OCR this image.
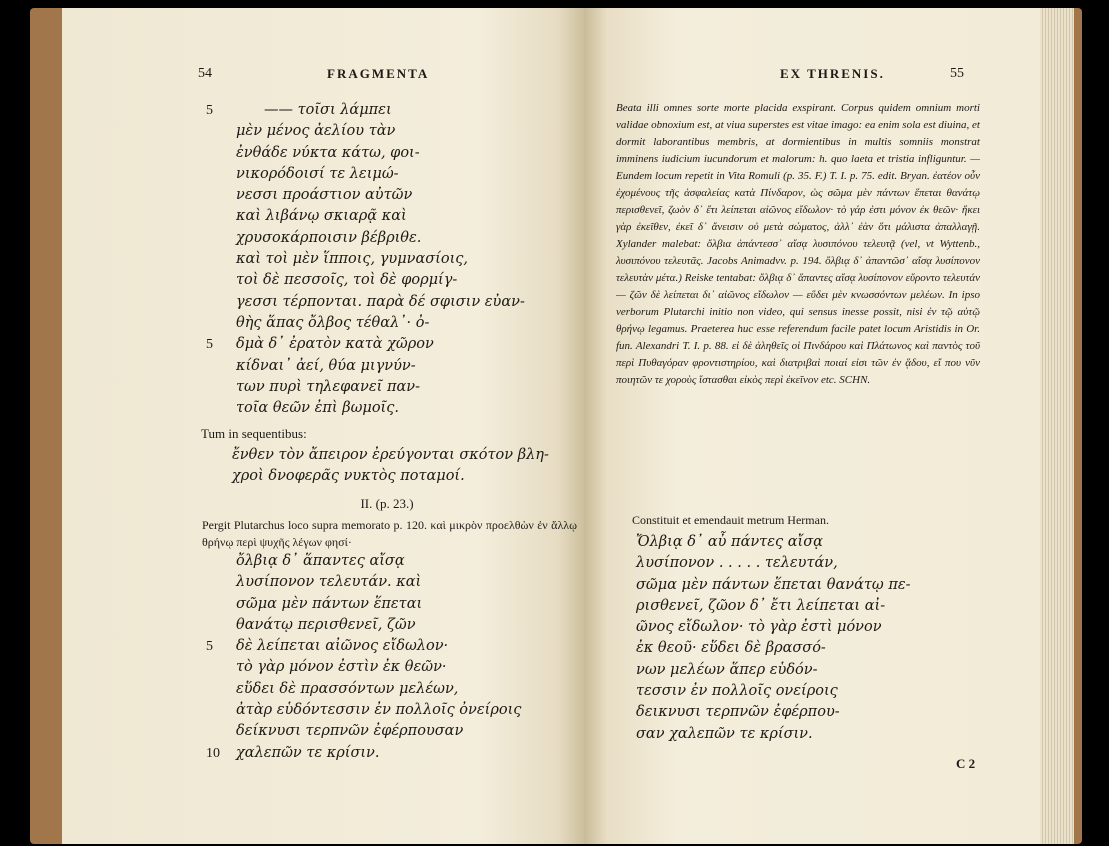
54	FRAGMENTA
—— τοῖσι λάμπει
5
μὲν μένος ἀελίου τὰν
ἐνθάδε νύκτα κάτω, φοι-
νικορόδοισί τε λειμώ-
νεσσι προάστιον αὐτῶν
καὶ λιβάνῳ σκιαρᾷ καὶ
χρυσοκάρποισιν βέβριθε.
καὶ τοὶ μὲν ἵπποις, γυμνασίοις,
τοὶ δὲ πεσσοῖς, τοὶ δὲ φορμίγ-
γεσσι τέρπονται. παρὰ δέ σφισιν εὐαν-
θὴς ἅπας ὄλβος τέθαλ᾽· ὀ-
δμὰ δ᾽ ἐρατὸν κατὰ χῶρον
5
κίδναι᾽ ἀεί, θύα μιγνύν-
των πυρὶ τηλεφανεῖ παν-
τοῖα θεῶν ἐπὶ βωμοῖς.
Tum in sequentibus:
ἔνθεν τὸν ἄπειρον ἐρεύγονται σκότον βλη-
χροὶ δνοφερᾶς νυκτὸς ποταμοί.
II. (p. 23.)
Pergit Plutarchus loco supra memorato p. 120. καὶ μικρὸν προελθὼν ἐν ἄλλῳ θρήνῳ περὶ ψυχῆς λέγων φησί·
ὄλβιᾳ δ᾽ ἅπαντες αἴσᾳ
λυσίπονον τελευτάν. καὶ
σῶμα μὲν πάντων ἕπεται
θανάτῳ περισθενεῖ, ζῶν
δὲ λείπεται αἰῶνος εἴδωλον·
5
τὸ γὰρ μόνον ἐστὶν ἐκ θεῶν·
εὕδει δὲ πρασσόντων μελέων,
ἀτὰρ εὑδόντεσσιν ἐν πολλοῖς ὀνείροις
δείκνυσι τερπνῶν ἐφέρπουσαν
χαλεπῶν τε κρίσιν.
10
EX THRENIS.	55

Beata illi omnes sorte morte placida exspirant. Corpus quidem omnium morti validae obnoxium est, at viua superstes est vitae imago: ea enim sola est diuina, et dormit laborantibus membris, at dormientibus in multis somniis monstrat imminens iudicium iucundorum et malorum: h. quo laeta et tristia infliguntur. — Eundem locum repetit in Vita Romuli (p. 35. F.) T. I. p. 75. edit. Bryan. ἐατέον οὖν ἐχομένους τῆς ἀσφαλείας κατὰ Πίνδαρον, ὡς σῶμα μὲν πάντων ἕπεται θανάτῳ περισθενεῖ, ζωὸν δ᾽ ἔτι λείπεται αἰῶνος εἴδωλον· τὸ γάρ ἐστι μόνον ἐκ θεῶν· ἥκει γὰρ ἐκεῖθεν, ἐκεῖ δ᾽ ἄνεισιν οὐ μετὰ σώματος, ἀλλ᾽ ἐὰν ὅτι μάλιστα ἀπαλλαγῇ. Xylander malebat: ὄλβια ἀπάντεσσ᾽ αἴσᾳ λυσιπόνου τελευτᾷ (vel, vt Wyttenb., λυσιπόνου τελευτᾶς. Jacobs Animadvv. p. 194. ὄλβιᾳ δ᾽ ἀπαντῶσ᾽ αἴσᾳ λυσίπονον τελευτὰν μέτα.) Reiske tentabat: ὄλβιᾳ δ᾽ ἅπαντες αἴσᾳ λυσίπονον εὕροντο τελευτάν — ζῶν δὲ λείπεται δι᾽ αἰῶνος εἴδωλον — εὕδει μὲν κνωσσόντων μελέων. In ipso verborum Plutarchi initio non video, qui sensus inesse possit, nisi ἐν τῷ αὐτῷ θρήνῳ legamus. Praeterea huc esse referendum facile patet locum Aristidis in Or. fun. Alexandri T. I. p. 88. εἰ δὲ ἀληθεῖς οἱ Πινδάρου καὶ Πλάτωνος καὶ παντὸς τοῦ περὶ Πυθαγόραν φροντιστηρίου, καὶ διατριβαὶ ποιαί εἰσι τῶν ἐν ᾅδου, εἴ που νῦν ποιητῶν τε χοροὺς ἵστασθαι εἰκὸς περὶ ἐκεῖνον etc. SCHN.

Constituit et emendauit metrum Herman.
Ὄλβιᾳ δ᾽ αὖ πάντες αἴσᾳ
λυσίπονον . . . . . τελευτάν,
σῶμα μὲν πάντων ἕπεται θανάτῳ πε-
ρισθενεῖ, ζῶον δ᾽ ἔτι λείπεται αἰ-
ῶνος εἴδωλον· τὸ γὰρ ἐστὶ μόνον
ἐκ θεοῦ· εὕδει δὲ βρασσό-
νων μελέων ἅπερ εὑδόν-
τεσσιν ἐν πολλοῖς ονείροις
δεικνυσι τερπνῶν ἐφέρπου-
σαν χαλεπῶν τε κρίσιν.
C 2
